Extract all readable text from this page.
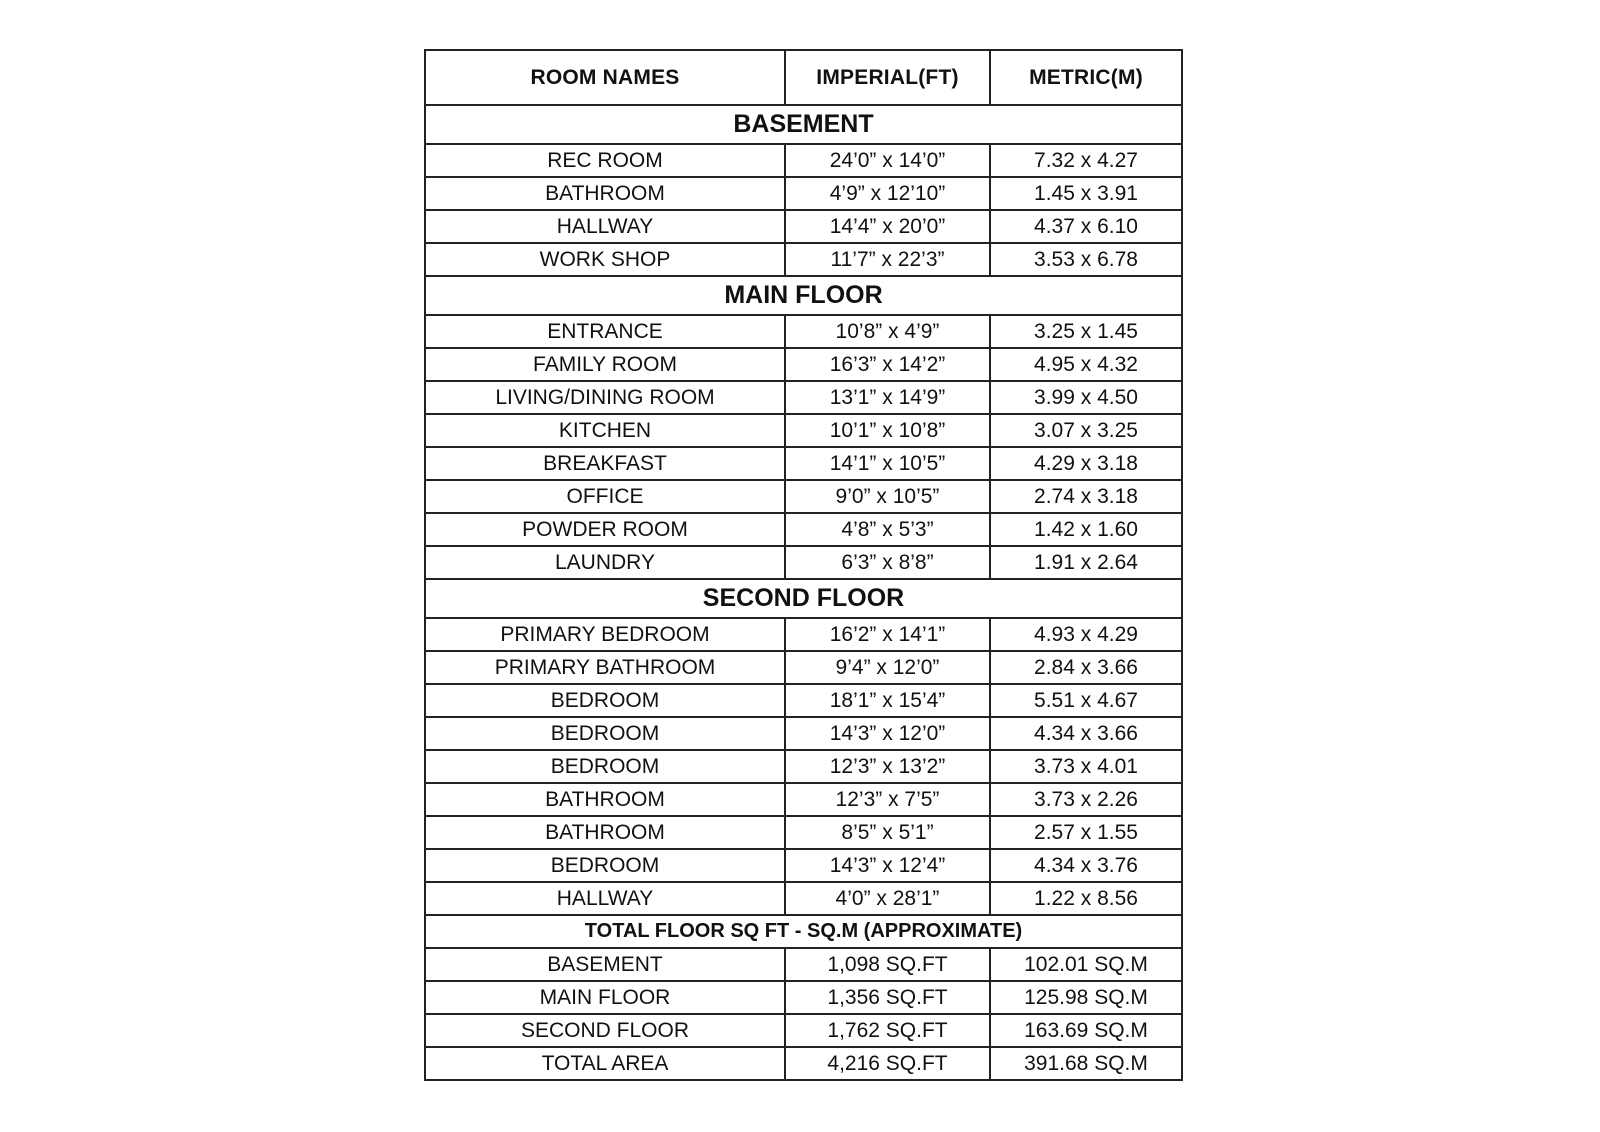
ROOM NAMES	IMPERIAL(FT)	METRIC(M)
BASEMENT		
REC ROOM	24’0” x 14’0”	7.32 x 4.27
BATHROOM	4’9” x 12’10”	1.45 x 3.91
HALLWAY	14’4” x 20’0”	4.37 x 6.10
WORK SHOP	11’7” x 22’3”	3.53 x 6.78
MAIN FLOOR		
ENTRANCE	10’8” x 4’9”	3.25 x 1.45
FAMILY ROOM	16’3” x 14’2”	4.95 x 4.32
LIVING/DINING ROOM	13’1” x 14’9”	3.99 x 4.50
KITCHEN	10’1” x 10’8”	3.07 x 3.25
BREAKFAST	14’1” x 10’5”	4.29 x 3.18
OFFICE	9’0” x 10’5”	2.74 x 3.18
POWDER ROOM	4’8” x 5’3”	1.42 x 1.60
LAUNDRY	6’3” x 8’8”	1.91 x 2.64
SECOND FLOOR		
PRIMARY BEDROOM	16’2” x 14’1”	4.93 x 4.29
PRIMARY BATHROOM	9’4” x 12’0”	2.84 x 3.66
BEDROOM	18’1” x 15’4”	5.51 x 4.67
BEDROOM	14’3” x 12’0”	4.34 x 3.66
BEDROOM	12’3” x 13’2”	3.73 x 4.01
BATHROOM	12’3” x 7’5”	3.73 x 2.26
BATHROOM	8’5” x 5’1”	2.57 x 1.55
BEDROOM	14’3” x 12’4”	4.34 x 3.76
HALLWAY	4’0” x 28’1”	1.22 x 8.56
TOTAL FLOOR SQ FT - SQ.M (APPROXIMATE)		
BASEMENT	1,098 SQ.FT	102.01 SQ.M
MAIN FLOOR	1,356 SQ.FT	125.98 SQ.M
SECOND FLOOR	1,762 SQ.FT	163.69 SQ.M
TOTAL AREA	4,216 SQ.FT	391.68 SQ.M
